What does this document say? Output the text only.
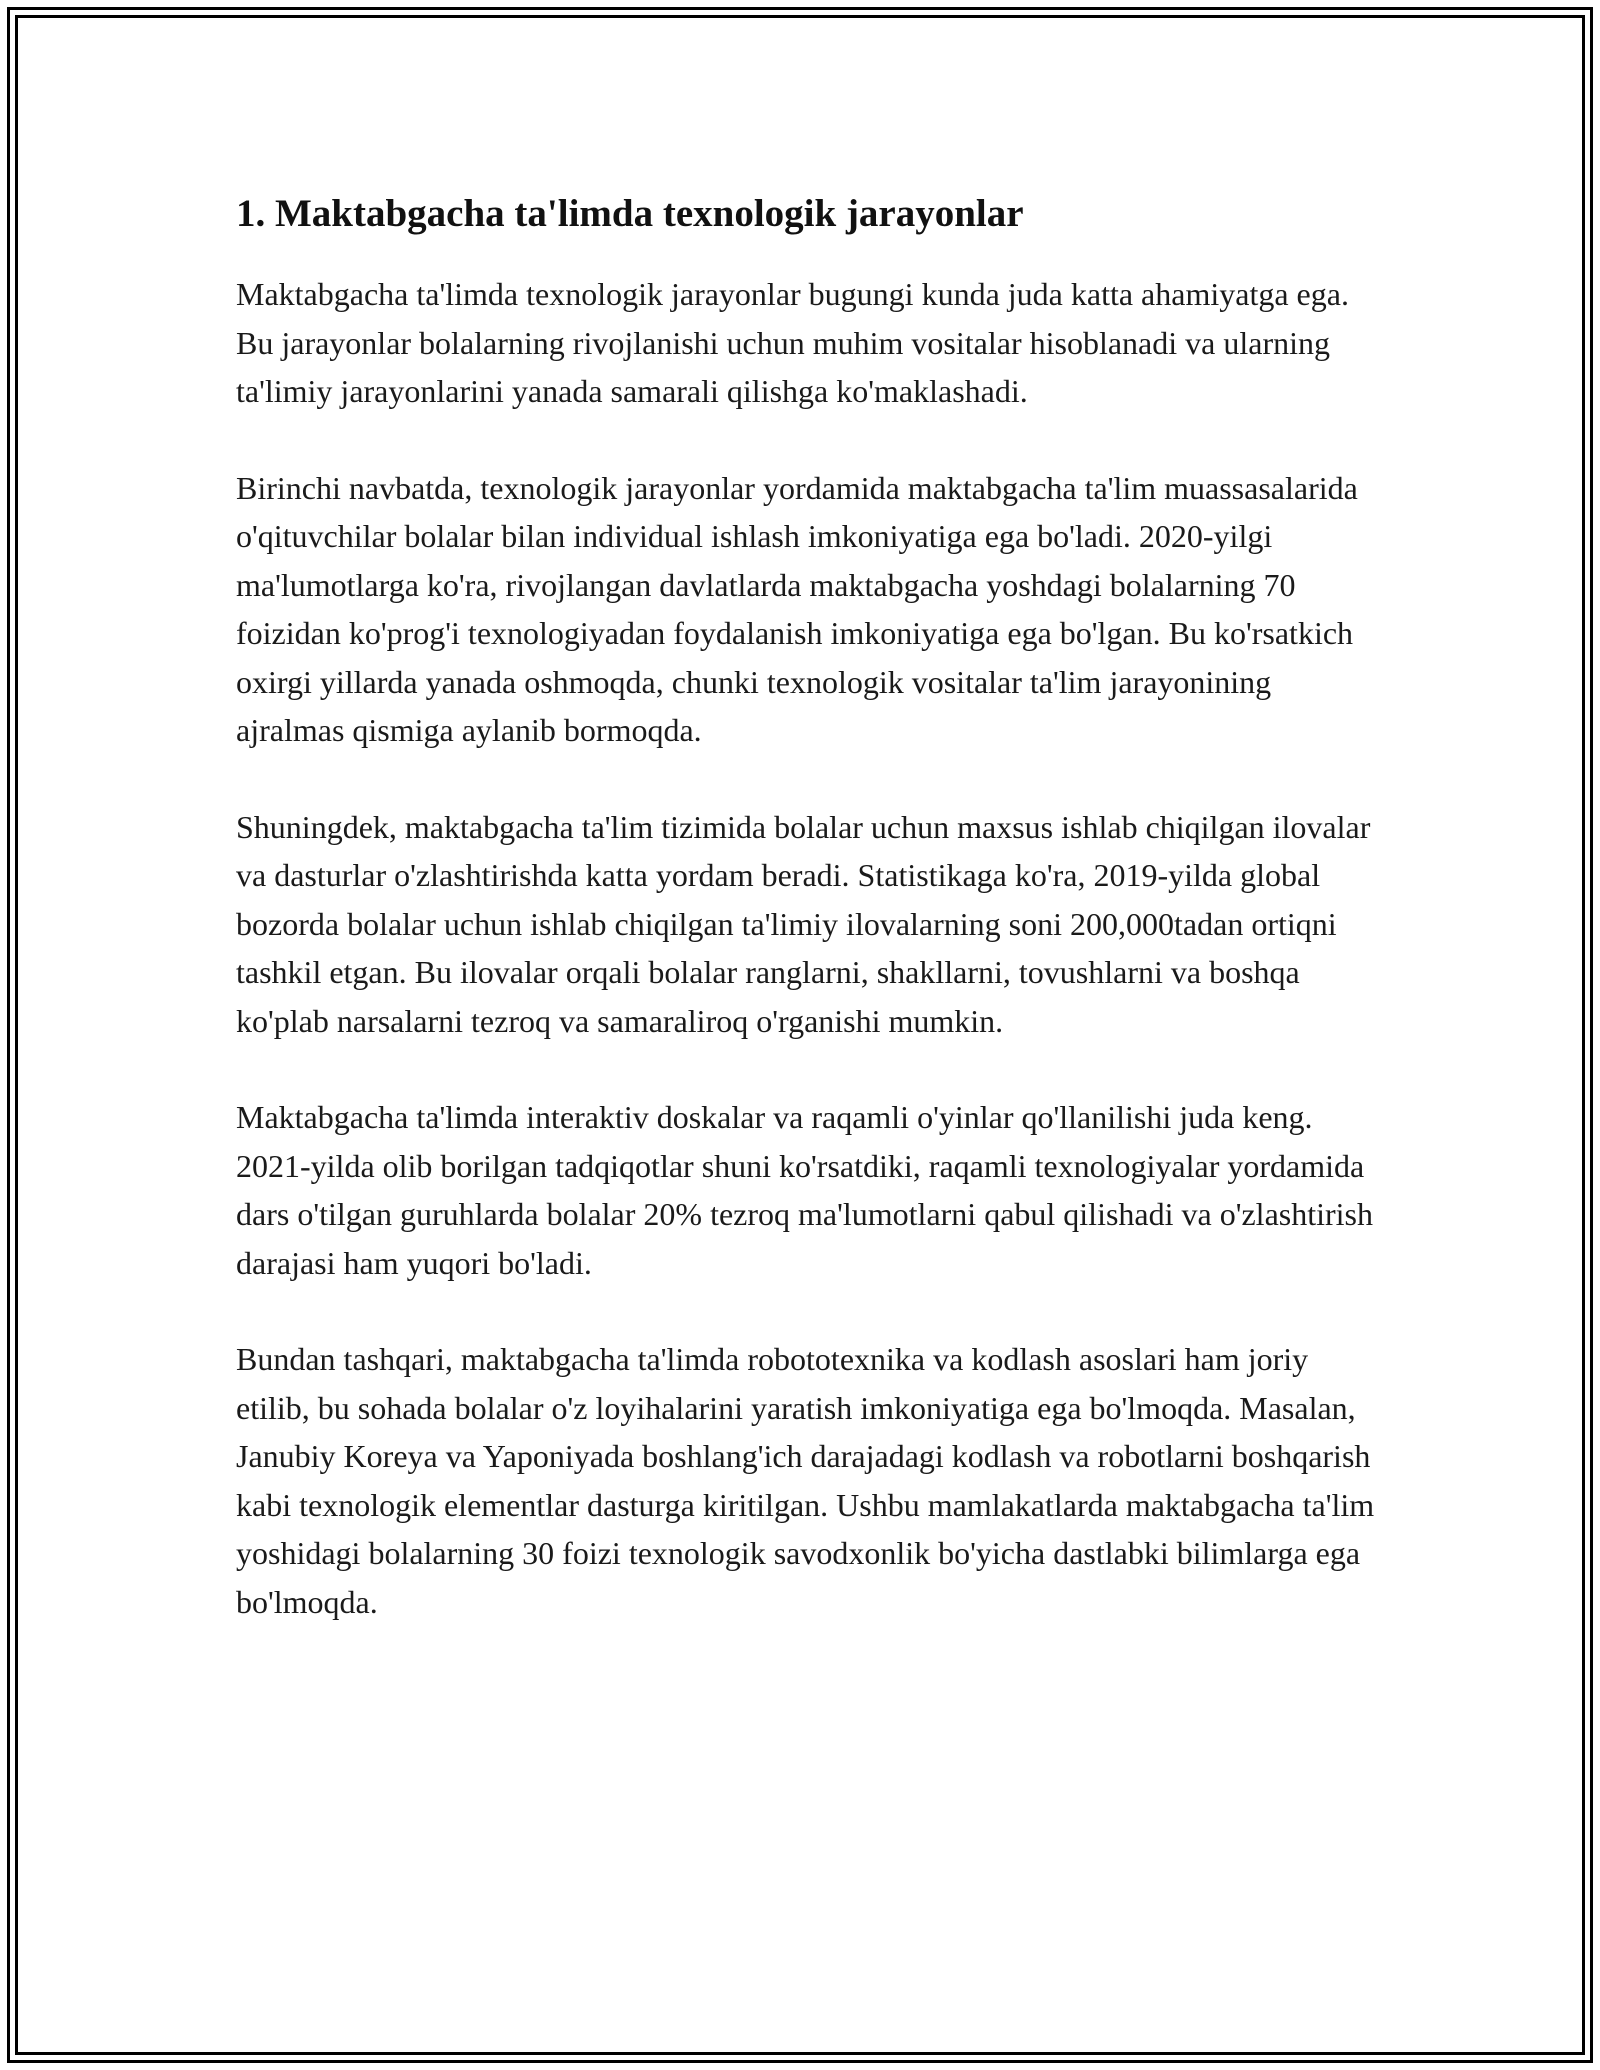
1. Maktabgacha ta'limda texnologik jarayonlar

Maktabgacha ta'limda texnologik jarayonlar bugungi kunda juda katta ahamiyatga ega. Bu jarayonlar bolalarning rivojlanishi uchun muhim vositalar hisoblanadi va ularning ta'limiy jarayonlarini yanada samarali qilishga ko'maklashadi.

Birinchi navbatda, texnologik jarayonlar yordamida maktabgacha ta'lim muassasalarida o'qituvchilar bolalar bilan individual ishlash imkoniyatiga ega bo'ladi. 2020-yilgi ma'lumotlarga ko'ra, rivojlangan davlatlarda maktabgacha yoshdagi bolalarning 70 foizidan ko'prog'i texnologiyadan foydalanish imkoniyatiga ega bo'lgan. Bu ko'rsatkich oxirgi yillarda yanada oshmoqda, chunki texnologik vositalar ta'lim jarayonining ajralmas qismiga aylanib bormoqda.

Shuningdek, maktabgacha ta'lim tizimida bolalar uchun maxsus ishlab chiqilgan ilovalar va dasturlar o'zlashtirishda katta yordam beradi. Statistikaga ko'ra, 2019-yilda global bozorda bolalar uchun ishlab chiqilgan ta'limiy ilovalarning soni 200,000tadan ortiqni tashkil etgan. Bu ilovalar orqali bolalar ranglarni, shakllarni, tovushlarni va boshqa ko'plab narsalarni tezroq va samaraliroq o'rganishi mumkin.

Maktabgacha ta'limda interaktiv doskalar va raqamli o'yinlar qo'llanilishi juda keng. 2021-yilda olib borilgan tadqiqotlar shuni ko'rsatdiki, raqamli texnologiyalar yordamida dars o'tilgan guruhlarda bolalar 20% tezroq ma'lumotlarni qabul qilishadi va o'zlashtirish darajasi ham yuqori bo'ladi.

Bundan tashqari, maktabgacha ta'limda robototexnika va kodlash asoslari ham joriy etilib, bu sohada bolalar o'z loyihalarini yaratish imkoniyatiga ega bo'lmoqda. Masalan, Janubiy Koreya va Yaponiyada boshlang'ich darajadagi kodlash va robotlarni boshqarish kabi texnologik elementlar dasturga kiritilgan. Ushbu mamlakatlarda maktabgacha ta'lim yoshidagi bolalarning 30 foizi texnologik savodxonlik bo'yicha dastlabki bilimlarga ega bo'lmoqda.
